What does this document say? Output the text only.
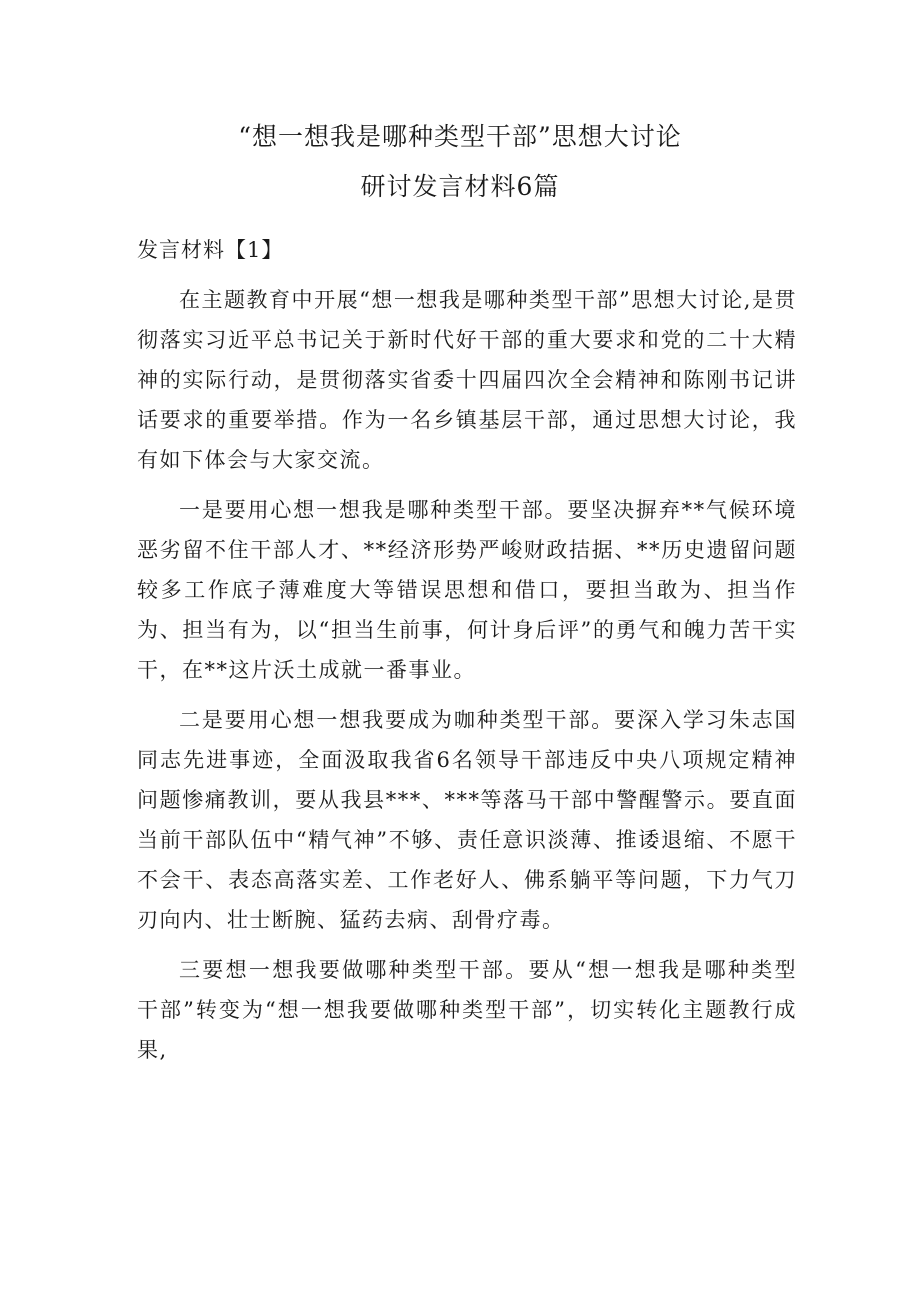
“想一想我是哪种类型干部”思想大讨论
研讨发言材料6篇

发言材料【1】

在主题教育中开展“想一想我是哪种类型干部”思想大讨论,是贯彻落实习近平总书记关于新时代好干部的重大要求和党的二十大精神的实际行动，是贯彻落实省委十四届四次全会精神和陈刚书记讲话要求的重要举措。作为一名乡镇基层干部，通过思想大讨论，我有如下体会与大家交流。

一是要用心想一想我是哪种类型干部。要坚决摒弃**气候环境恶劣留不住干部人才、**经济形势严峻财政拮据、**历史遗留问题较多工作底子薄难度大等错误思想和借口，要担当敢为、担当作为、担当有为，以“担当生前事，何计身后评”的勇气和魄力苦干实干，在**这片沃土成就一番事业。

二是要用心想一想我要成为咖种类型干部。要深入学习朱志国同志先进事迹，全面汲取我省6名领导干部违反中央八项规定精神问题惨痛教训，要从我县***、***等落马干部中警醒警示。要直面当前干部队伍中“精气神”不够、责任意识淡薄、推诿退缩、不愿干不会干、表态高落实差、工作老好人、佛系躺平等问题，下力气刀刃向内、壮士断腕、猛药去病、刮骨疗毒。

三要想一想我要做哪种类型干部。要从“想一想我是哪种类型干部”转变为“想一想我要做哪种类型干部”，切实转化主题教行成果,
